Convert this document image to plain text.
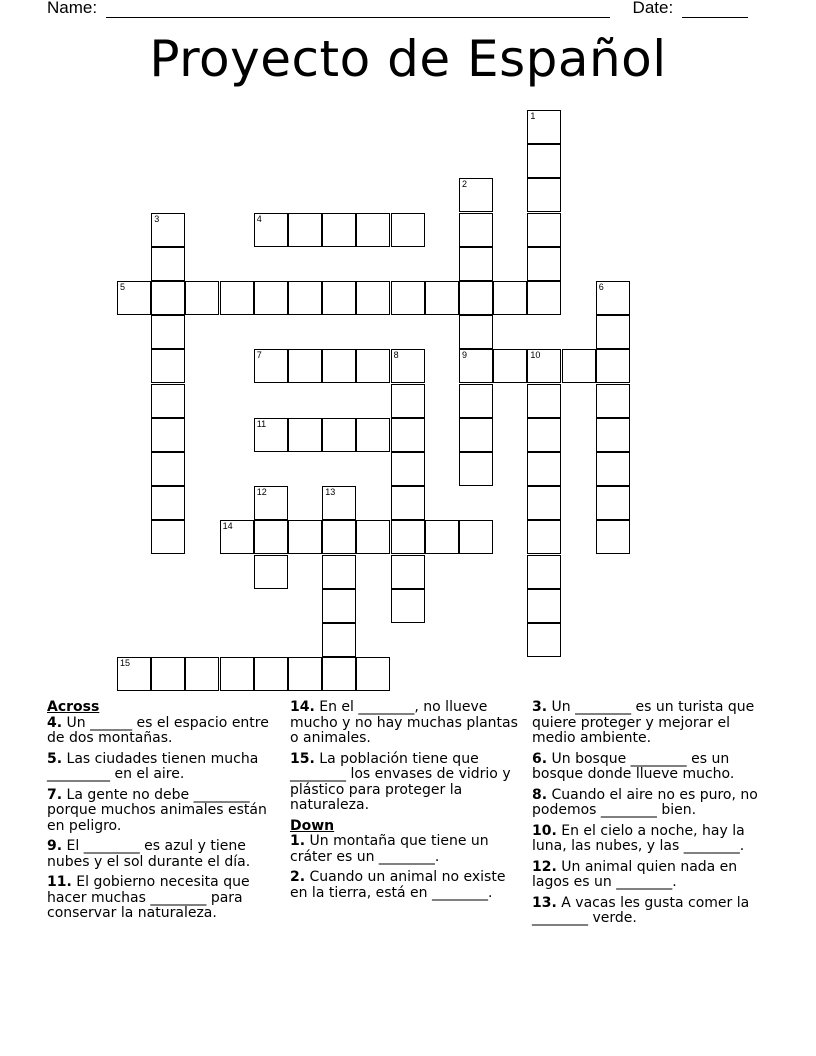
Name:	Date:
Proyecto de Español
1
2
9
3	4
5	6
7	8	10
11
12	13
14
15
Across
4. Un ______ es el espacio entre de dos montañas.
5. Las ciudades tienen mucha _________ en el aire.
7. La gente no debe ________ porque muchos animales están en peligro.
9. El ________ es azul y tiene nubes y el sol durante el día.
11. El gobierno necesita que hacer muchas ________ para conservar la naturaleza.
14. En el ________, no llueve mucho y no hay muchas plantas o animales.
15. La población tiene que ________ los envases de vidrio y plástico para proteger la naturaleza.
Down
1. Un montaña que tiene un cráter es un ________.
2. Cuando un animal no existe en la tierra, está en ________.
3. Un ________ es un turista que quiere proteger y mejorar el medio ambiente.
6. Un bosque ________ es un bosque donde llueve mucho.
8. Cuando el aire no es puro, no podemos ________ bien.
10. En el cielo a noche, hay la luna, las nubes, y las ________.
12. Un animal quien nada en lagos es un ________.
13. A vacas les gusta comer la ________ verde.
